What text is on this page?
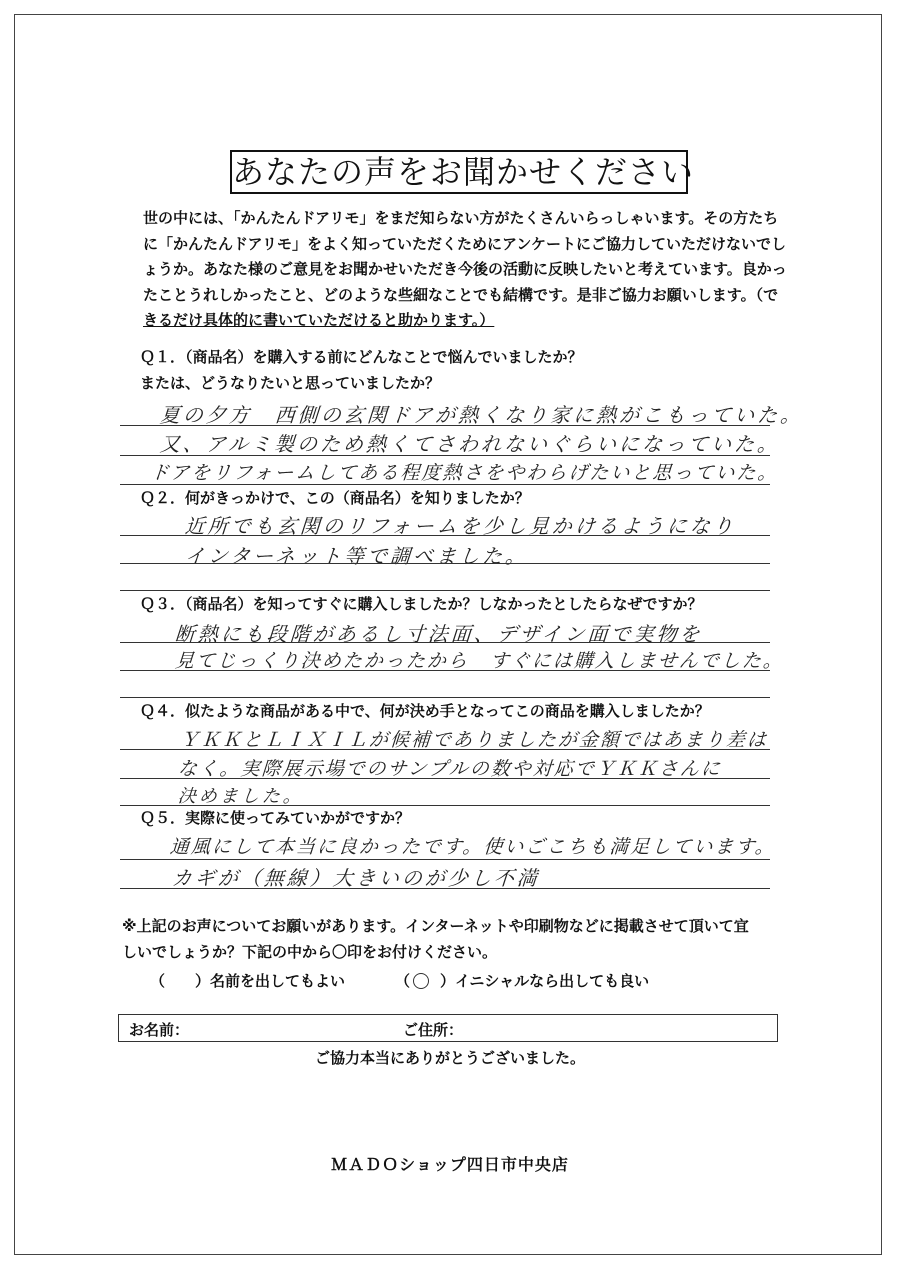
あなたの声をお聞かせください
世の中には、「かんたんドアリモ」をまだ知らない方がたくさんいらっしゃいます。その方たち
に「かんたんドアリモ」をよく知っていただくためにアンケートにご協力していただけないでし
ょうか。あなた様のご意見をお聞かせいただき今後の活動に反映したいと考えています。良かっ
たことうれしかったこと、どのような些細なことでも結構です。是非ご協力お願いします。（で
きるだけ具体的に書いていただけると助かります。）
Ｑ１．（商品名）を購入する前にどんなことで悩んでいましたか？
または、どうなりたいと思っていましたか？
夏の夕方　西側の玄関ドアが熱くなり家に熱がこもっていた。
又、アルミ製のため熱くてさわれないぐらいになっていた。
ドアをリフォームしてある程度熱さをやわらげたいと思っていた。
Ｑ２．何がきっかけで、この（商品名）を知りましたか？
近所でも玄関のリフォームを少し見かけるようになり
インターネット等で調べました。
Ｑ３．（商品名）を知ってすぐに購入しましたか？しなかったとしたらなぜですか？
断熱にも段階があるし寸法面、デザイン面で実物を
見てじっくり決めたかったから　すぐには購入しませんでした。
Ｑ４．似たような商品がある中で、何が決め手となってこの商品を購入しましたか？
ＹＫＫとＬＩＸＩＬが候補でありましたが金額ではあまり差は
なく。実際展示場でのサンプルの数や対応でＹＫＫさんに
決めました。
Ｑ５．実際に使ってみていかがですか？
通風にして本当に良かったです。使いごこちも満足しています。
カギが（無線）大きいのが少し不満
※上記のお声についてお願いがあります。インターネットや印刷物などに掲載させて頂いて宜
しいでしょうか？下記の中から〇印をお付けください。
（　　） 名前を出してもよい	（　　） イニシャルなら出しても良い
お名前：	ご住所：
ご協力本当にありがとうございました。
ＭＡＤＯショップ四日市中央店
